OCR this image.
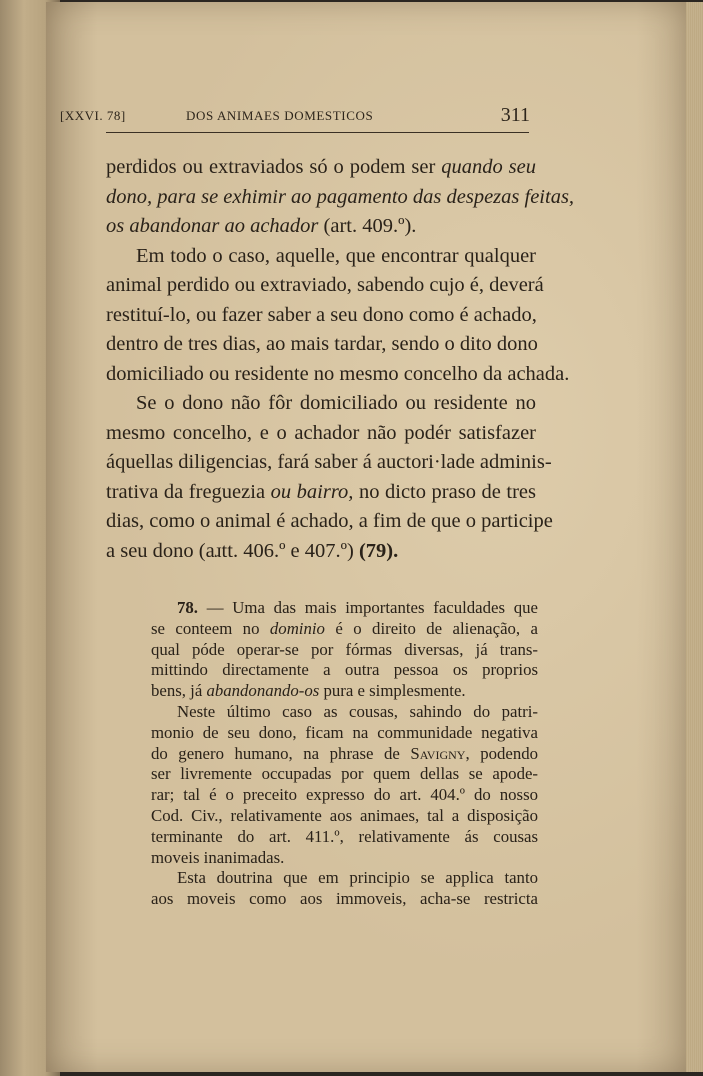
[XXVI. 78]	DOS ANIMAES DOMESTICOS	311
perdidos ou extraviados só o podem ser quando seu
dono, para se exhimir ao pagamento das despezas feitas,
os abandonar ao achador (art. 409.º).
Em todo o caso, aquelle, que encontrar qualquer
animal perdido ou extraviado, sabendo cujo é, deverá
restituí-lo, ou fazer saber a seu dono como é achado,
dentro de tres dias, ao mais tardar, sendo o dito dono
domiciliado ou residente no mesmo concelho da achada.
Se o dono não fôr domiciliado ou residente no
mesmo concelho, e o achador não podér satisfazer
áquellas diligencias, fará saber á auctori·lade adminis-
trativa da freguezia ou bairro, no dicto praso de tres
dias, como o animal é achado, a fim de que o participe
a seu dono (aɹtt. 406.º e 407.º) (79).
78. — Uma das mais importantes faculdades que
se conteem no dominio é o direito de alienação, a
qual póde operar-se por fórmas diversas, já trans-
mittindo directamente a outra pessoa os proprios
bens, já abandonando-os pura e simplesmente.
Neste último caso as cousas, sahindo do patri-
monio de seu dono, ficam na communidade negativa
do genero humano, na phrase de Savigny, podendo
ser livremente occupadas por quem dellas se apode-
rar; tal é o preceito expresso do art. 404.º do nosso
Cod. Civ., relativamente aos animaes, tal a disposição
terminante do art. 411.º, relativamente ás cousas
moveis inanimadas.
Esta doutrina que em principio se applica tanto
aos moveis como aos immoveis, acha-se restricta
